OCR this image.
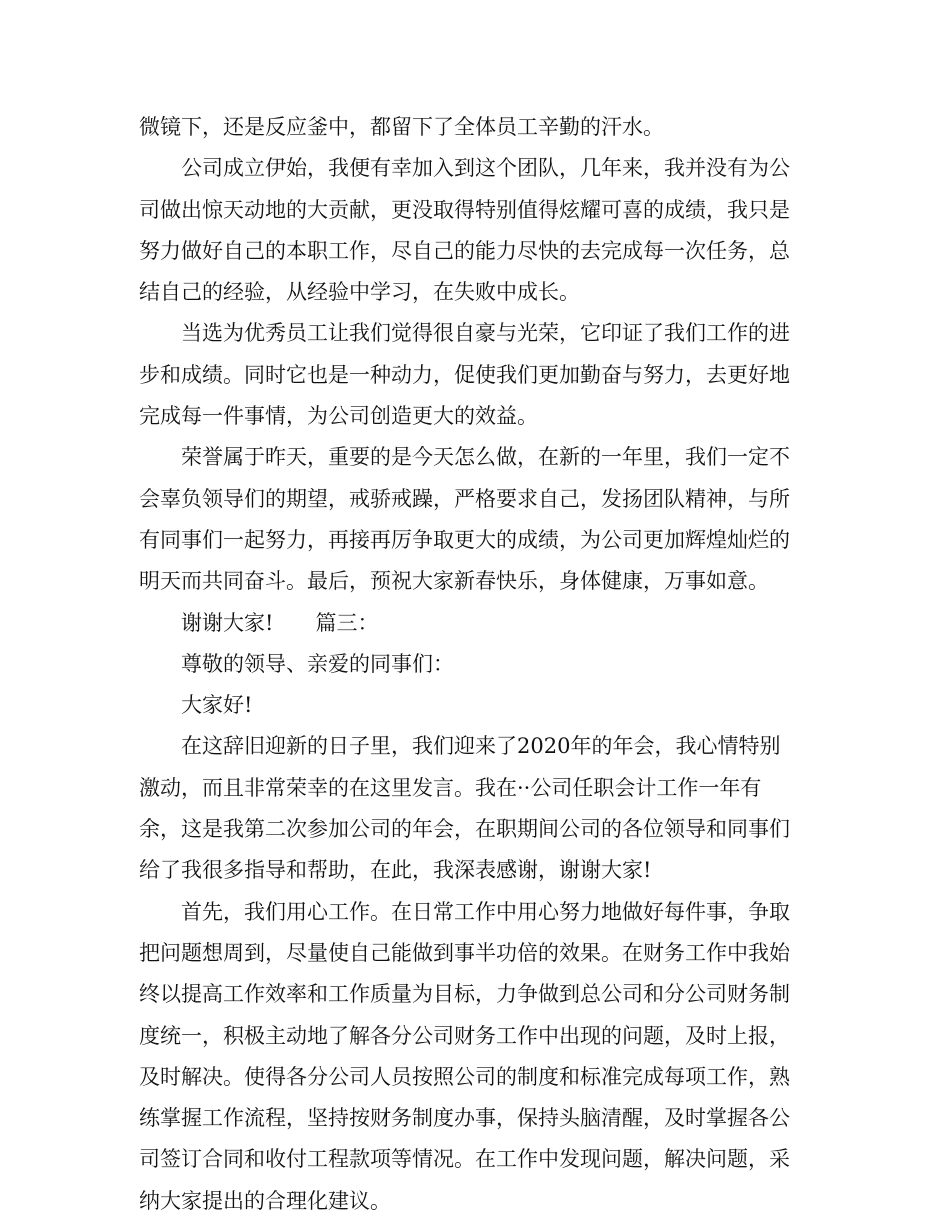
微镜下，还是反应釜中，都留下了全体员工辛勤的汗水。
公司成立伊始，我便有幸加入到这个团队，几年来，我并没有为公
司做出惊天动地的大贡献，更没取得特别值得炫耀可喜的成绩，我只是
努力做好自己的本职工作，尽自己的能力尽快的去完成每一次任务，总
结自己的经验，从经验中学习，在失败中成长。
当选为优秀员工让我们觉得很自豪与光荣，它印证了我们工作的进
步和成绩。同时它也是一种动力，促使我们更加勤奋与努力，去更好地
完成每一件事情，为公司创造更大的效益。
荣誉属于昨天，重要的是今天怎么做，在新的一年里，我们一定不
会辜负领导们的期望，戒骄戒躁，严格要求自己，发扬团队精神，与所
有同事们一起努力，再接再厉争取更大的成绩，为公司更加辉煌灿烂的
明天而共同奋斗。最后，预祝大家新春快乐，身体健康，万事如意。
谢谢大家!　　篇三：
尊敬的领导、亲爱的同事们：
大家好!
在这辞旧迎新的日子里，我们迎来了2020年的年会，我心情特别
激动，而且非常荣幸的在这里发言。我在··公司任职会计工作一年有
余，这是我第二次参加公司的年会，在职期间公司的各位领导和同事们
给了我很多指导和帮助，在此，我深表感谢，谢谢大家!
首先，我们用心工作。在日常工作中用心努力地做好每件事，争取
把问题想周到，尽量使自己能做到事半功倍的效果。在财务工作中我始
终以提高工作效率和工作质量为目标，力争做到总公司和分公司财务制
度统一，积极主动地了解各分公司财务工作中出现的问题，及时上报，
及时解决。使得各分公司人员按照公司的制度和标准完成每项工作，熟
练掌握工作流程，坚持按财务制度办事，保持头脑清醒，及时掌握各公
司签订合同和收付工程款项等情况。在工作中发现问题，解决问题，采
纳大家提出的合理化建议。
